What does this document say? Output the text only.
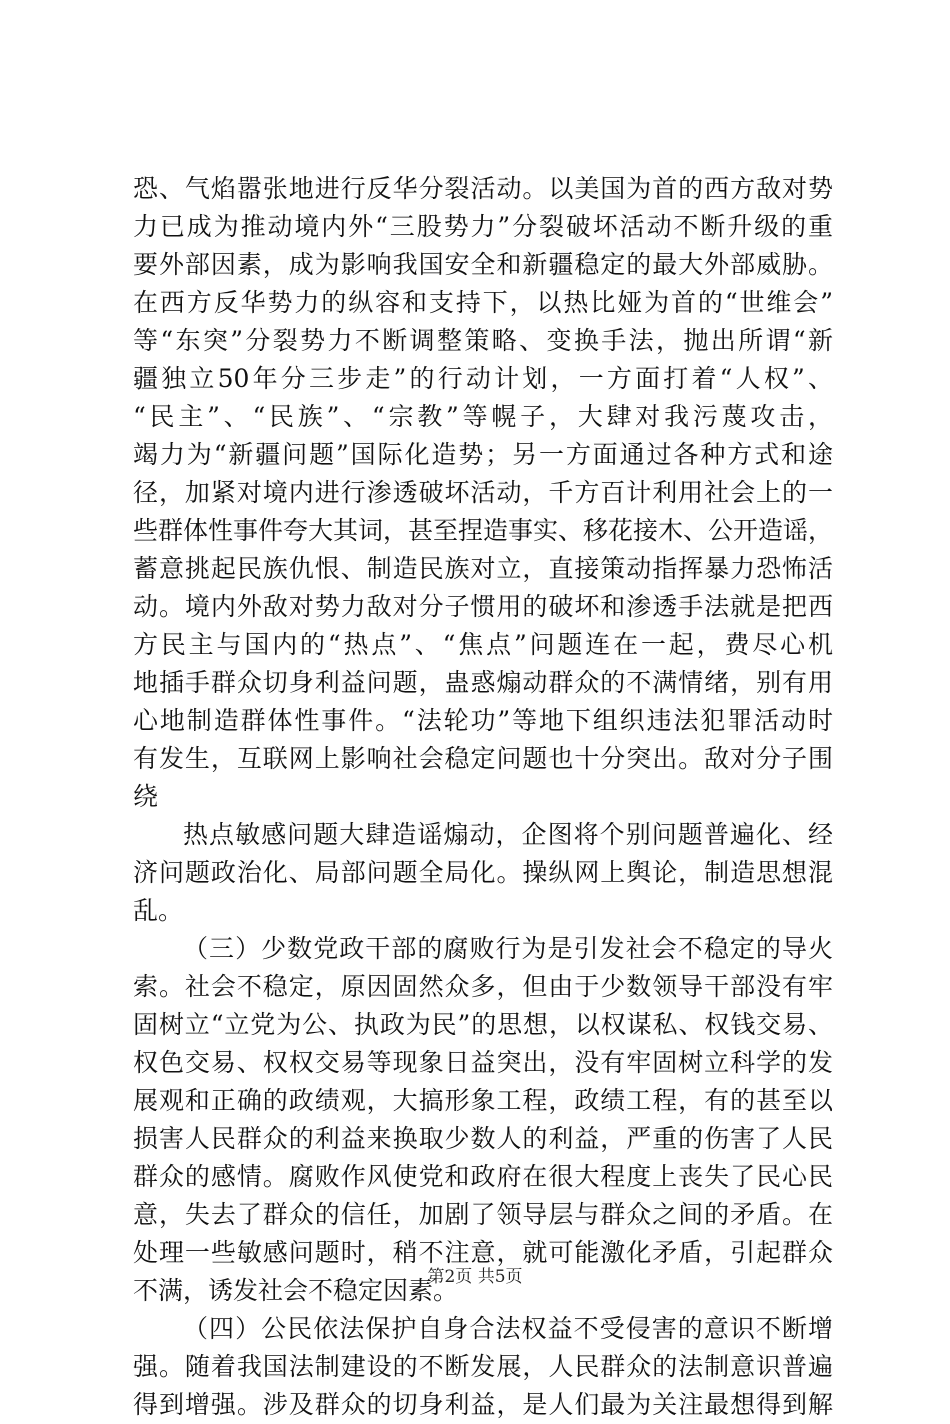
恐、气焰嚣张地进行反华分裂活动。以美国为首的西方敌对势
力已成为推动境内外“三股势力”分裂破坏活动不断升级的重
要外部因素，成为影响我国安全和新疆稳定的最大外部威胁。
在西方反华势力的纵容和支持下，以热比娅为首的“世维会”
等“东突”分裂势力不断调整策略、变换手法，抛出所谓“新
疆独立50年分三步走”的行动计划，一方面打着“人权”、
“民主”、“民族”、“宗教”等幌子，大肆对我污蔑攻击，
竭力为“新疆问题”国际化造势；另一方面通过各种方式和途
径，加紧对境内进行渗透破坏活动，千方百计利用社会上的一
些群体性事件夸大其词，甚至捏造事实、移花接木、公开造谣，
蓄意挑起民族仇恨、制造民族对立，直接策动指挥暴力恐怖活
动。境内外敌对势力敌对分子惯用的破坏和渗透手法就是把西
方民主与国内的“热点”、“焦点”问题连在一起，费尽心机
地插手群众切身利益问题，蛊惑煽动群众的不满情绪，别有用
心地制造群体性事件。“法轮功”等地下组织违法犯罪活动时
有发生，互联网上影响社会稳定问题也十分突出。敌对分子围
绕
热点敏感问题大肆造谣煽动，企图将个别问题普遍化、经
济问题政治化、局部问题全局化。操纵网上舆论，制造思想混
乱。
（三）少数党政干部的腐败行为是引发社会不稳定的导火
索。社会不稳定，原因固然众多，但由于少数领导干部没有牢
固树立“立党为公、执政为民”的思想，以权谋私、权钱交易、
权色交易、权权交易等现象日益突出，没有牢固树立科学的发
展观和正确的政绩观，大搞形象工程，政绩工程，有的甚至以
损害人民群众的利益来换取少数人的利益，严重的伤害了人民
群众的感情。腐败作风使党和政府在很大程度上丧失了民心民
意，失去了群众的信任，加剧了领导层与群众之间的矛盾。在
处理一些敏感问题时，稍不注意，就可能激化矛盾，引起群众
不满，诱发社会不稳定因素。
（四）公民依法保护自身合法权益不受侵害的意识不断增
强。随着我国法制建设的不断发展，人民群众的法制意识普遍
得到增强。涉及群众的切身利益，是人们最为关注最想得到解
第2页 共5页
